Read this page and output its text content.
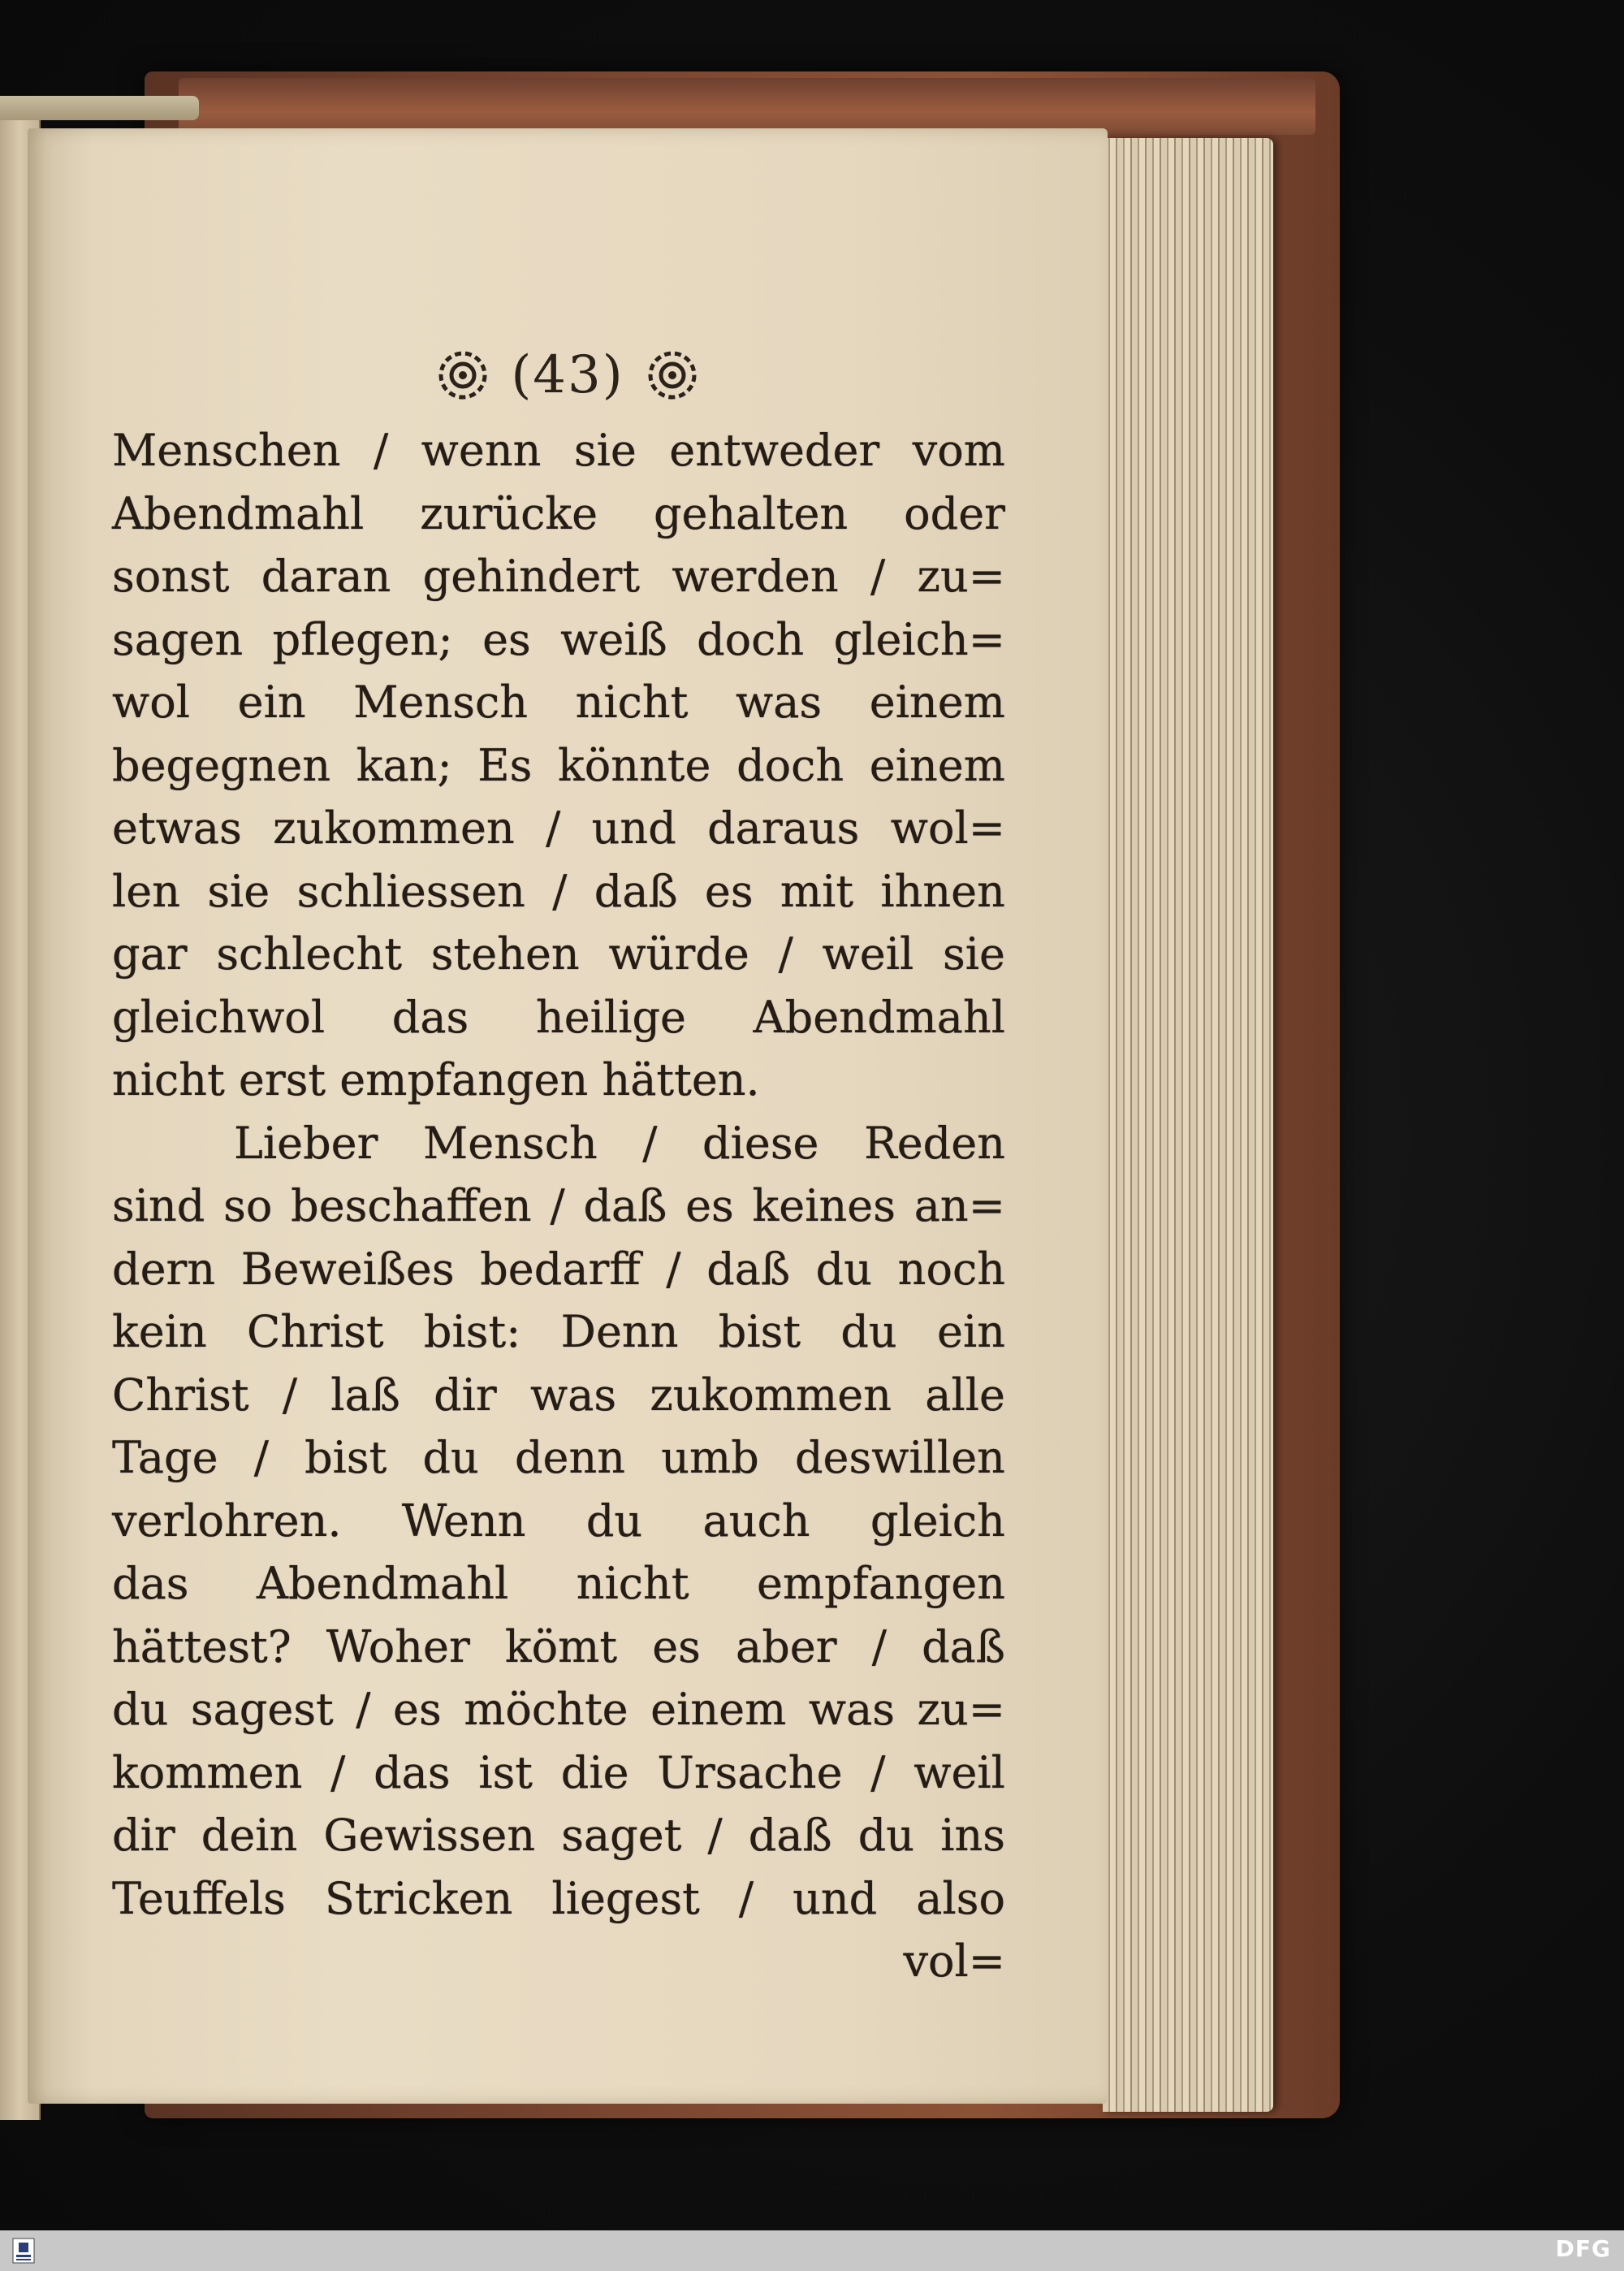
(43)
Menschen / wenn sie entweder vom
Abendmahl zurücke gehalten oder
sonst daran gehindert werden / zu=
sagen pflegen; es weiß doch gleich=
wol ein Mensch nicht was einem
begegnen kan; Es könnte doch einem
etwas zukommen / und daraus wol=
len sie schliessen / daß es mit ihnen
gar schlecht stehen würde / weil sie
gleichwol das heilige Abendmahl
nicht erst empfangen hätten.
Lieber Mensch / diese Reden
sind so beschaffen / daß es keines an=
dern Beweißes bedarff / daß du noch
kein Christ bist: Denn bist du ein
Christ / laß dir was zukommen alle
Tage / bist du denn umb deswillen
verlohren. Wenn du auch gleich
das Abendmahl nicht empfangen
hättest? Woher kömt es aber / daß
du sagest / es möchte einem was zu=
kommen / das ist die Ursache / weil
dir dein Gewissen saget / daß du ins
Teuffels Stricken liegest / und also
vol=
DFG
